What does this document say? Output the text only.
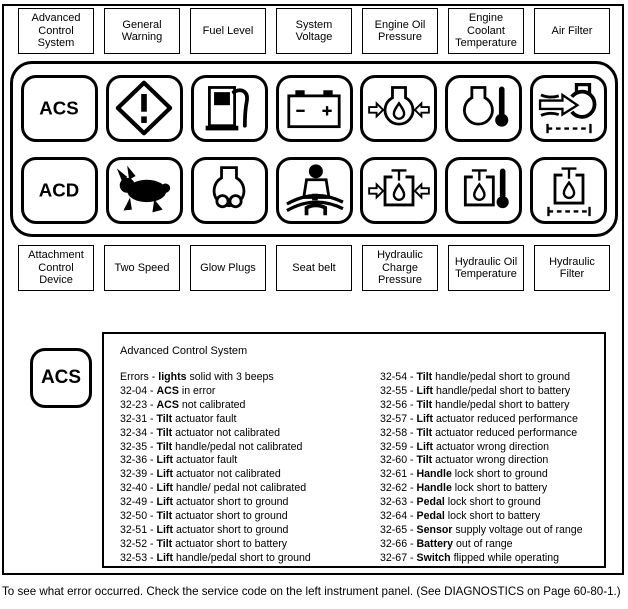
Advanced Control System
General Warning
Fuel Level
System Voltage
Engine Oil Pressure
Engine Coolant Temperature
Air Filter
ACS
ACD
Attachment Control Device
Two Speed	Glow Plugs	Seat belt
Hydraulic Charge Pressure
Hydraulic Oil Temperature
Hydraulic Filter
ACS
Advanced Control System
Errors - lights solid with 3 beeps
32-04 - ACS in error
32-23 - ACS not calibrated
32-31 - Tilt actuator fault
32-34 - Tilt actuator not calibrated
32-35 - Tilt handle/pedal not calibrated
32-36 - Lift actuator fault
32-39 - Lift actuator not calibrated
32-40 - Lift handle/ pedal not calibrated
32-49 - Lift actuator short to ground
32-50 - Tilt actuator short to ground
32-51 - Lift actuator short to ground
32-52 - Tilt actuator short to battery
32-53 - Lift handle/pedal short to ground
32-54 - Tilt handle/pedal short to ground
32-55 - Lift handle/pedal short to battery
32-56 - Tilt handle/pedal short to battery
32-57 - Lift actuator reduced performance
32-58 - Tilt actuator reduced performance
32-59 - Lift actuator wrong direction
32-60 - Tilt actuator wrong direction
32-61 - Handle lock short to ground
32-62 - Handle lock short to battery
32-63 - Pedal lock short to ground
32-64 - Pedal lock short to battery
32-65 - Sensor supply voltage out of range
32-66 - Battery out of range
32-67 - Switch flipped while operating
To see what error occurred. Check the service code on the left instrument panel. (See DIAGNOSTICS on Page 60-80-1.)
